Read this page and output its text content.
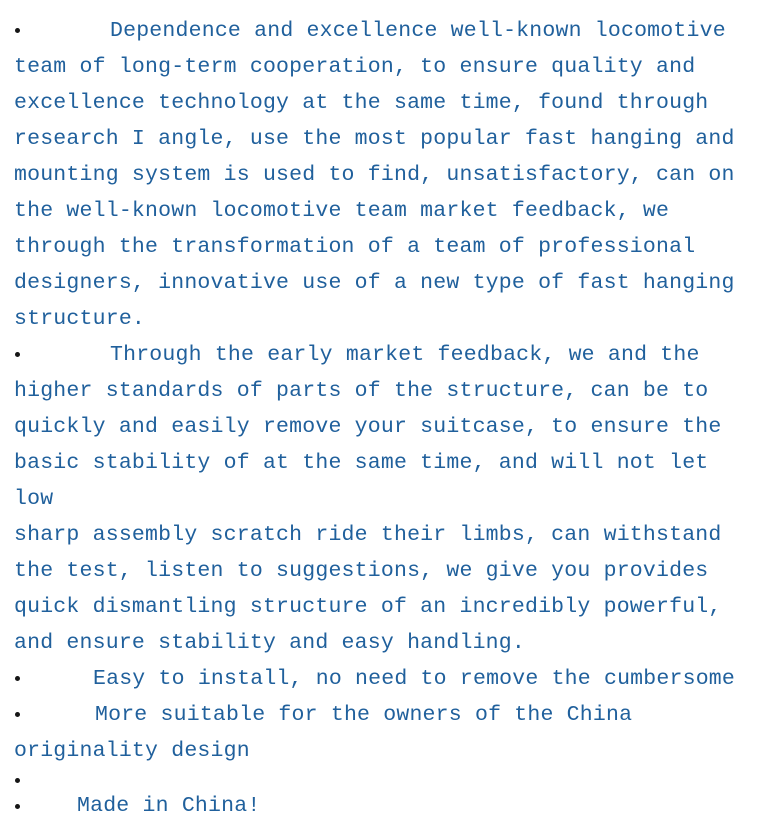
Dependence and excellence well-known locomotive
team of long-term cooperation, to ensure quality and
excellence technology at the same time, found through
research I angle, use the most popular fast hanging and
mounting system is used to find, unsatisfactory, can on
the well-known locomotive team market feedback, we
through the transformation of a team of professional
designers, innovative use of a new type of fast hanging
structure.
Through the early market feedback, we and the
higher standards of parts of the structure, can be to
quickly and easily remove your suitcase, to ensure the
basic stability of at the same time, and will not let low
sharp assembly scratch ride their limbs, can withstand
the test, listen to suggestions, we give you provides
quick dismantling structure of an incredibly powerful,
and ensure stability and easy handling.
Easy to install, no need to remove the cumbersome
More suitable for the owners of the China
originality design
Made in China!
